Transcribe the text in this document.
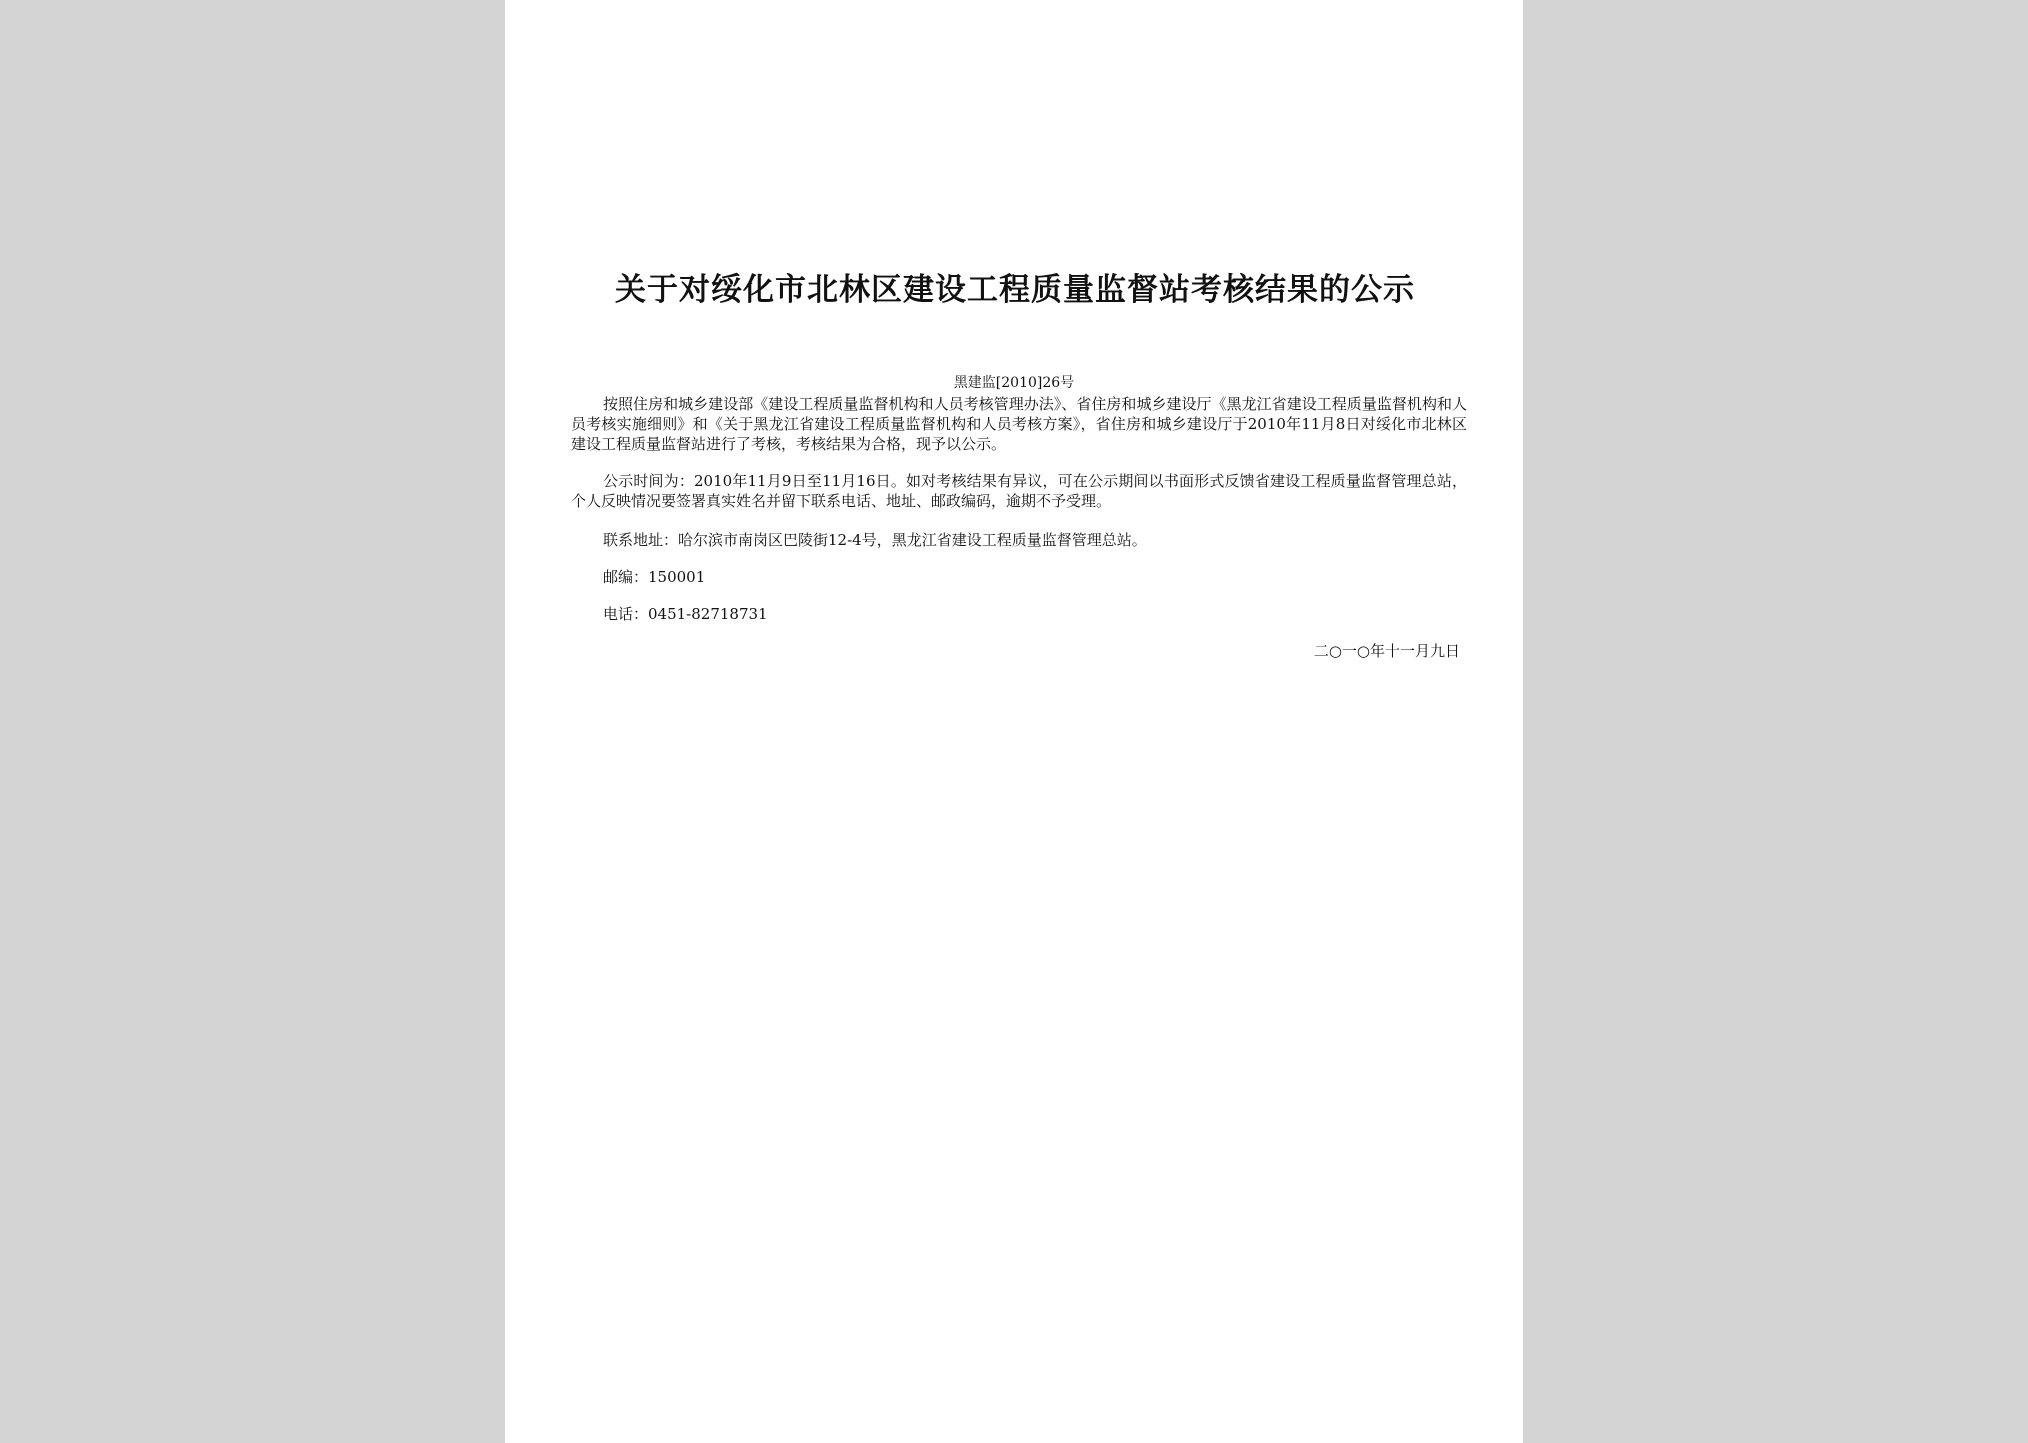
关于对绥化市北林区建设工程质量监督站考核结果的公示
黑建监[2010]26号

按照住房和城乡建设部《建设工程质量监督机构和人员考核管理办法》、省住房和城乡建设厅《黑龙江省建设工程质量监督机构和人员考核实施细则》和《关于黑龙江省建设工程质量监督机构和人员考核方案》，省住房和城乡建设厅于2010年11月8日对绥化市北林区建设工程质量监督站进行了考核，考核结果为合格，现予以公示。

公示时间为：2010年11月9日至11月16日。如对考核结果有异议，可在公示期间以书面形式反馈省建设工程质量监督管理总站，个人反映情况要签署真实姓名并留下联系电话、地址、邮政编码，逾期不予受理。

联系地址：哈尔滨市南岗区巴陵街12-4号，黑龙江省建设工程质量监督管理总站。
邮编：150001
电话：0451-82718731
二○一○年十一月九日
